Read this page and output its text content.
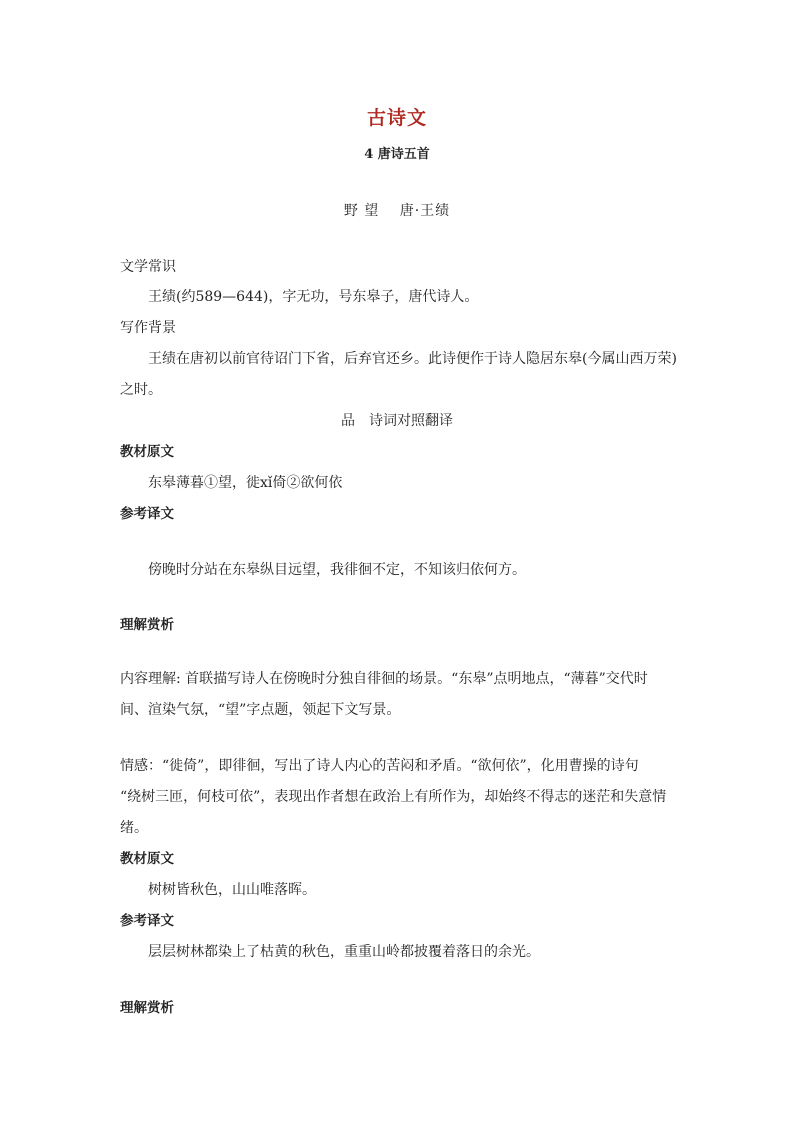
古诗文
4 唐诗五首
野 望　 唐·王绩
文学常识
王绩(约589—644)，字无功，号东皋子，唐代诗人。
写作背景
王绩在唐初以前官待诏门下省，后弃官还乡。此诗便作于诗人隐居东皋(今属山西万荣)
之时。
品　诗词对照翻译
教材原文
东皋薄暮①望，徙xǐ倚②欲何依
参考译文
傍晚时分站在东皋纵目远望，我徘徊不定，不知该归依何方。
理解赏析
内容理解: 首联描写诗人在傍晚时分独自徘徊的场景。“东皋”点明地点，“薄暮”交代时
间、渲染气氛，“望”字点题，领起下文写景。
情感：“徙倚”，即徘徊，写出了诗人内心的苦闷和矛盾。“欲何依”，化用曹操的诗句
“绕树三匝，何枝可依”，表现出作者想在政治上有所作为，却始终不得志的迷茫和失意情
绪。
教材原文
树树皆秋色，山山唯落晖。
参考译文
层层树林都染上了枯黄的秋色，重重山岭都披覆着落日的余光。
理解赏析
